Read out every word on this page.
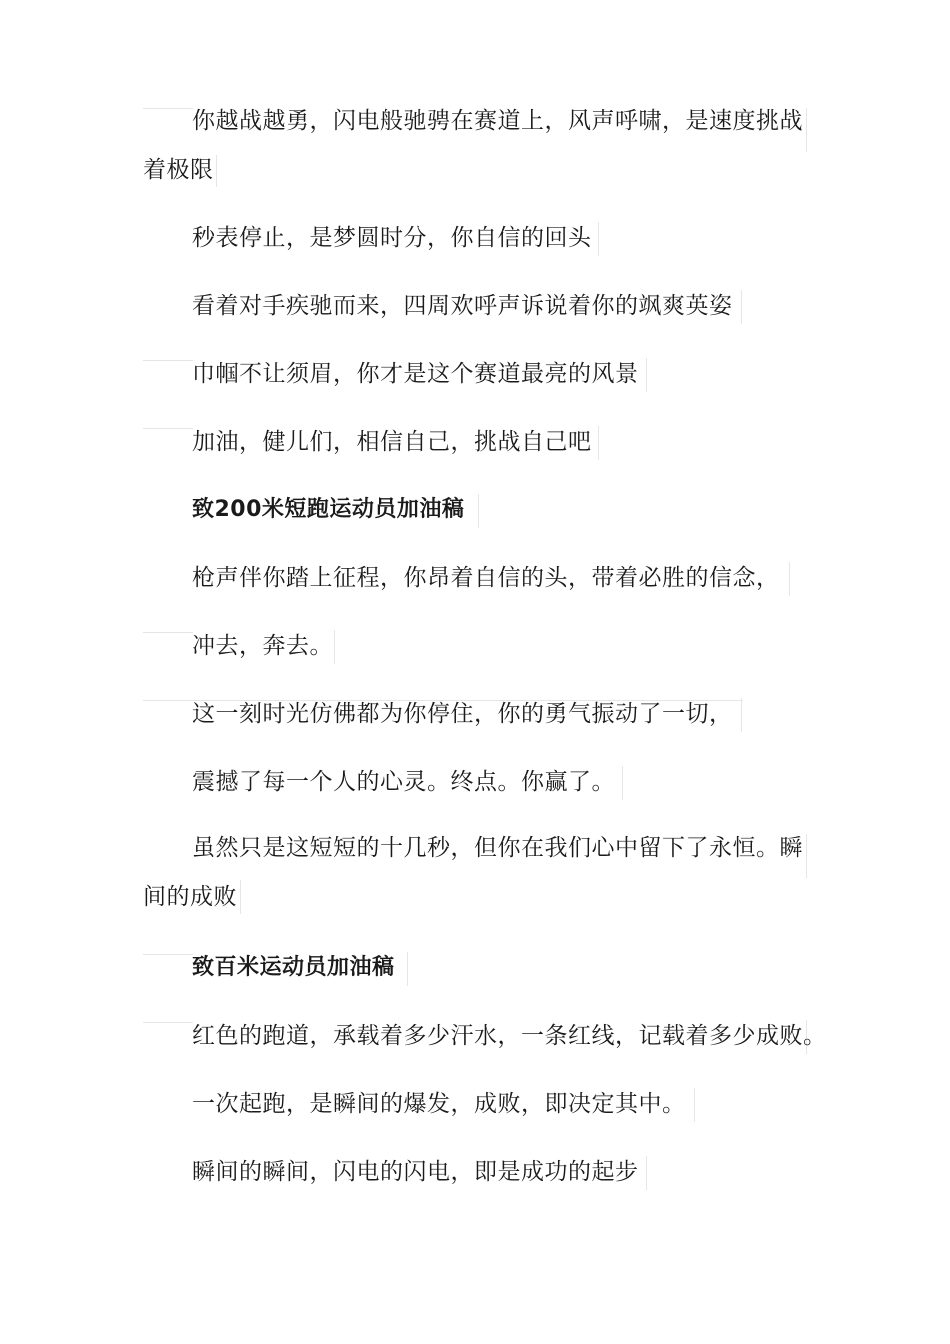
你越战越勇，闪电般驰骋在赛道上，风声呼啸，是速度挑战
着极限
秒表停止，是梦圆时分，你自信的回头
看着对手疾驰而来，四周欢呼声诉说着你的飒爽英姿
巾帼不让须眉，你才是这个赛道最亮的风景
加油，健儿们，相信自己，挑战自己吧
致200米短跑运动员加油稿
枪声伴你踏上征程，你昂着自信的头，带着必胜的信念，
冲去，奔去。
这一刻时光仿佛都为你停住，你的勇气振动了一切，
震撼了每一个人的心灵。终点。你赢了。
虽然只是这短短的十几秒，但你在我们心中留下了永恒。瞬
间的成败
致百米运动员加油稿
红色的跑道，承载着多少汗水，一条红线，记载着多少成败。
一次起跑，是瞬间的爆发，成败，即决定其中。
瞬间的瞬间，闪电的闪电，即是成功的起步
